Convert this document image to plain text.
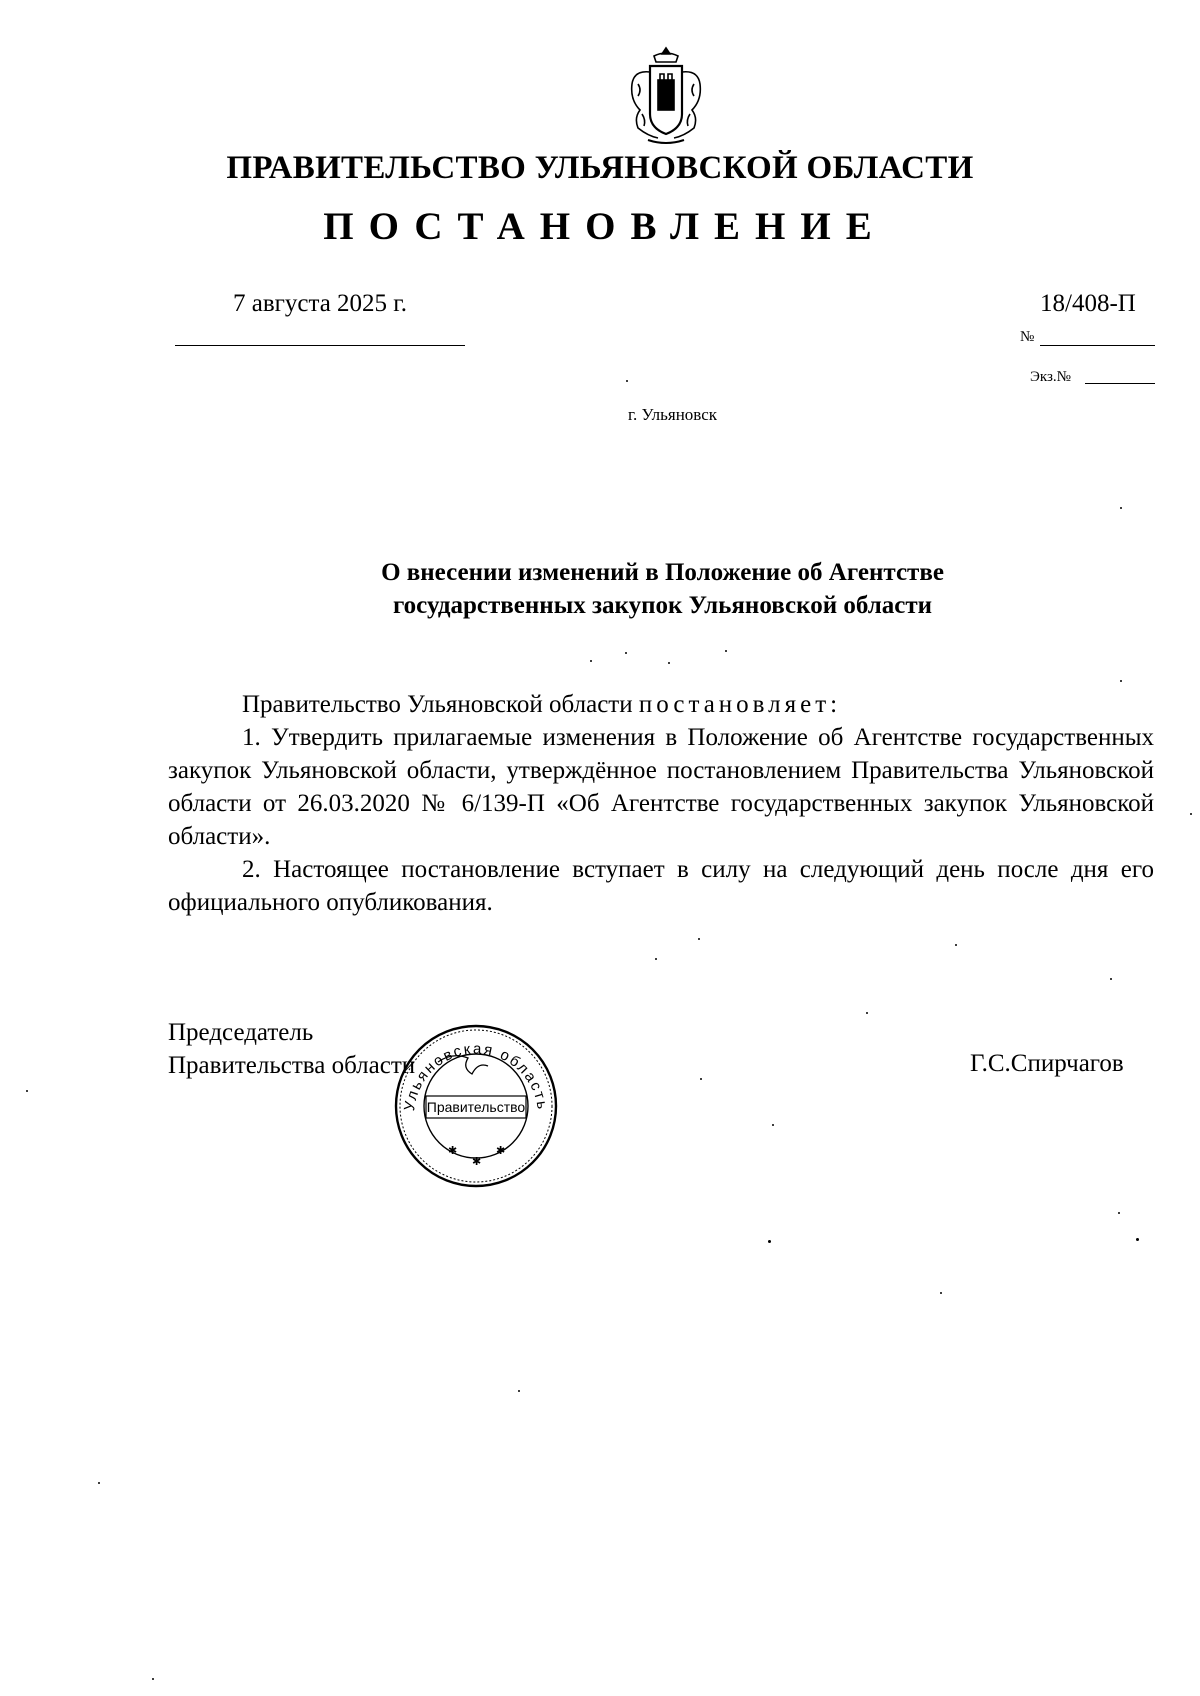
ПРАВИТЕЛЬСТВО УЛЬЯНОВСКОЙ ОБЛАСТИ
ПОСТАНОВЛЕНИЕ
7 августа 2025 г.	18/408-П
№
Экз.№
г. Ульяновск
О внесении изменений в Положение об Агентстве
государственных закупок Ульяновской области

Правительство Ульяновской области постановляет:

1. Утвердить прилагаемые изменения в Положение об Агентстве государственных закупок Ульяновской области, утверждённое постановлением Правительства Ульяновской области от 26.03.2020 № 6/139-П «Об Агентстве государственных закупок Ульяновской области».

2. Настоящее постановление вступает в силу на следующий день после дня его официального опубликования.

Председатель
Правительства области	Г.С.Спирчагов
Ульяновская область
Правительство
✱
✱
✱
